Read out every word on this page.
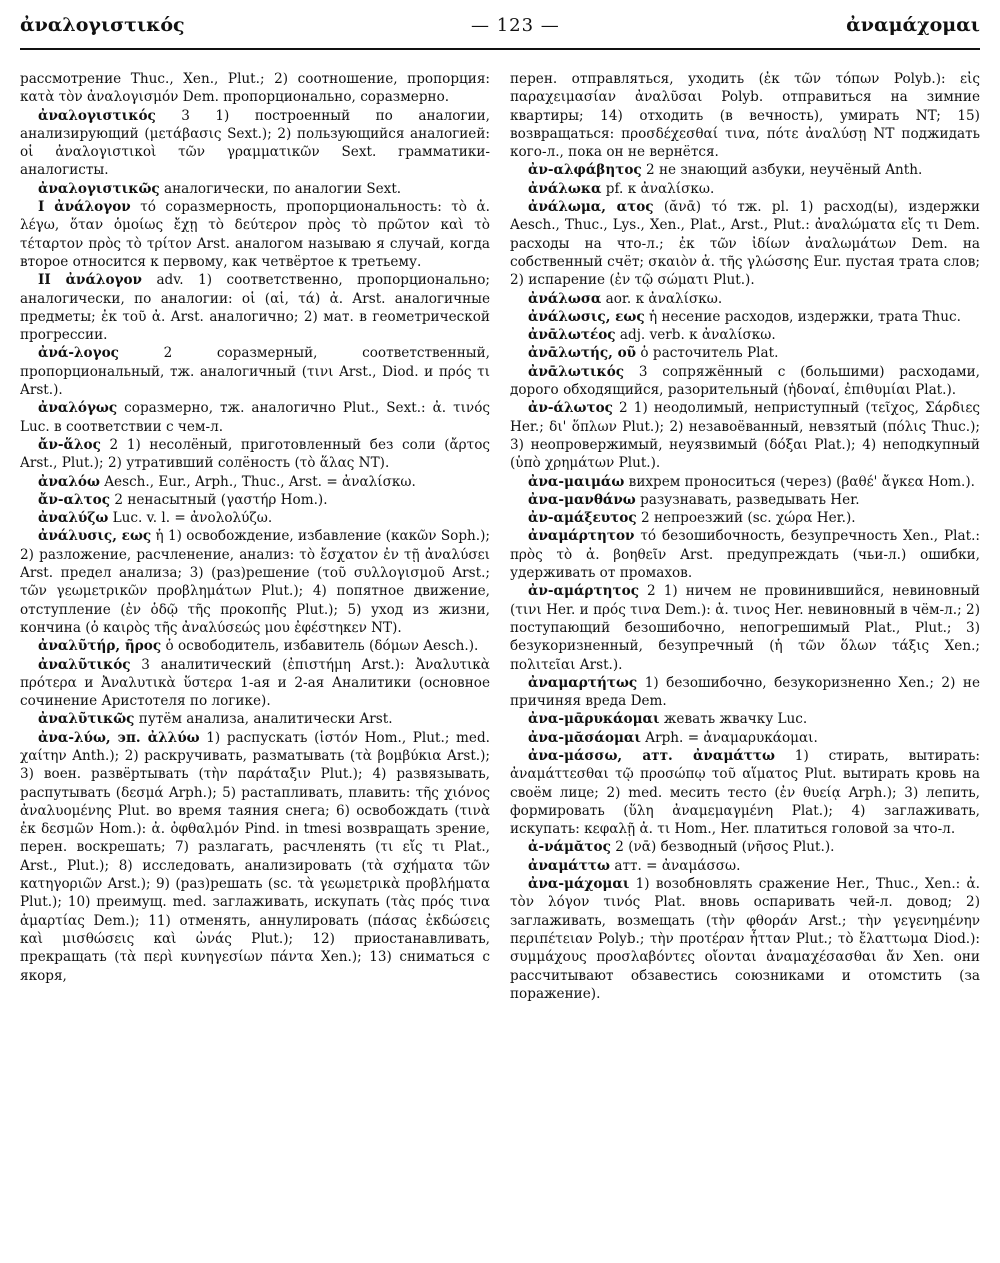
ἀναλογιστικός	— 123 —	ἀναμάχομαι

рассмотрение Thuc., Xen., Plut.; 2) соотношение, пропорция: κατὰ τὸν ἀναλογισμόν Dem. пропорционально, соразмерно.

ἀναλογιστικός 3 1) построенный по аналогии, анализирующий (μετάβασις Sext.); 2) пользующийся аналогией: οἱ ἀναλογιστικοὶ τῶν γραμματικῶν Sext. грамматики-аналогисты.

ἀναλογιστικῶς аналогически, по аналогии Sext.

I ἀνάλογον τό соразмерность, пропорциональность: τὸ ἀ. λέγω, ὅταν ὁμοίως ἔχῃ τὸ δεύτερον πρὸς τὸ πρῶτον καὶ τὸ τέταρτον πρὸς τὸ τρίτον Arst. аналогом называю я случай, когда второе относится к первому, как четвёртое к третьему.

II ἀνάλογον adv. 1) соответственно, пропорционально; аналогически, по аналогии: οἱ (αἱ, τά) ἀ. Arst. аналогичные предметы; ἐκ τοῦ ἀ. Arst. аналогично; 2) мат. в геометрической прогрессии.

ἀνά-λογος 2 соразмерный, соответственный, пропорциональный, тж. аналогичный (τινι Arst., Diod. и πρός τι Arst.).

ἀναλόγως соразмерно, тж. аналогично Plut., Sext.: ἀ. τινός Luc. в соответствии с чем-л.

ἄν-ἅλος 2 1) несолёный, приготовленный без соли (ἄρτος Arst., Plut.); 2) утративший солёность (τὸ ἅλας NT).

ἀναλόω Aesch., Eur., Arph., Thuc., Arst. = ἀναλίσκω.

ἄν-αλτος 2 ненасытный (γαστήρ Hom.).

ἀναλύζω Luc. v. l. = ἀνολολύζω.

ἀνάλυσις, εως ἡ 1) освобождение, избавление (κακῶν Soph.); 2) разложение, расчленение, анализ: τὸ ἔσχατον ἐν τῇ ἀναλύσει Arst. предел анализа; 3) (раз)решение (τοῦ συλλογισμοῦ Arst.; τῶν γεωμετρικῶν προβλημάτων Plut.); 4) попятное движение, отступление (ἐν ὁδῷ τῆς προκοπῆς Plut.); 5) уход из жизни, кончина (ὁ καιρὸς τῆς ἀναλύσεώς μου ἐφέστηκεν NT).

ἀναλῦτήρ, ῆρος ὁ освободитель, избавитель (δόμων Aesch.).

ἀναλῦτικός 3 аналитический (ἐπιστήμη Arst.): Ἀναλυτικὰ πρότερα и Ἀναλυτικὰ ὕστερα 1-ая и 2-ая Аналитики (основное сочинение Аристотеля по логике).

ἀναλῦτικῶς путём анализа, аналитически Arst.

ἀνα-λύω, эп. ἀλλύω 1) распускать (ἱστόν Hom., Plut.; med. χαίτην Anth.); 2) раскручивать, разматывать (τὰ βομβύκια Arst.); 3) воен. развёртывать (τὴν παράταξιν Plut.); 4) развязывать, распутывать (δεσμά Arph.); 5) растапливать, плавить: τῆς χιόνος ἀναλυομένης Plut. во время таяния снега; 6) освобождать (τινὰ ἐκ δεσμῶν Hom.): ἀ. ὀφθαλμόν Pind. in tmesi возвращать зрение, перен. воскрешать; 7) разлагать, расчленять (τι εἴς τι Plat., Arst., Plut.); 8) исследовать, анализировать (τὰ σχήματα τῶν κατηγοριῶν Arst.); 9) (раз)решать (sc. τὰ γεωμετρικὰ προβλήματα Plut.); 10) преимущ. med. заглаживать, искупать (τὰς πρός τινα ἁμαρτίας Dem.); 11) отменять, аннулировать (πάσας ἐκδώσεις καὶ μισθώσεις καὶ ὠνάς Plut.); 12) приостанавливать, прекращать (τὰ περὶ κυνηγεσίων πάντα Xen.); 13) сниматься с якоря,

перен. отправляться, уходить (ἐκ τῶν τόπων Polyb.): εἰς παραχειμασίαν ἀναλῦσαι Polyb. отправиться на зимние квартиры; 14) отходить (в вечность), умирать NT; 15) возвращаться: προσδέχεσθαί τινα, πότε ἀναλύσῃ NT поджидать кого-л., пока он не вернётся.

ἀν-αλφάβητος 2 не знающий азбуки, неучёный Anth.

ἀνάλωκα pf. к ἀναλίσκω.

ἀνάλωμα, ατος (ᾰνᾱ) τό тж. pl. 1) расход(ы), издержки Aesch., Thuc., Lys., Xen., Plat., Arst., Plut.: ἀναλώματα εἴς τι Dem. расходы на что-л.; ἐκ τῶν ἰδίων ἀναλωμάτων Dem. на собственный счёт; σκαιὸν ἀ. τῆς γλώσσης Eur. пустая трата слов; 2) испарение (ἐν τῷ σώματι Plut.).

ἀνάλωσα aor. к ἀναλίσκω.

ἀνάλωσις, εως ἡ несение расходов, издержки, трата Thuc.

ἀνᾱλωτέος adj. verb. к ἀναλίσκω.

ἀνᾱλωτής, οῦ ὁ расточитель Plat.

ἀνᾱλωτικός 3 сопряжённый с (большими) расходами, дорого обходящийся, разорительный (ἡδοναί, ἐπιθυμίαι Plat.).

ἀν-άλωτος 2 1) неодолимый, неприступный (τεῖχος, Σάρδιες Her.; δι' ὅπλων Plut.); 2) незавоёванный, невзятый (πόλις Thuc.); 3) неопровержимый, неуязвимый (δόξαι Plat.); 4) неподкупный (ὑπὸ χρημάτων Plut.).

ἀνα-μαιμάω вихрем проноситься (через) (βαθέ' ἄγκεα Hom.).

ἀνα-μανθάνω разузнавать, разведывать Her.

ἀν-αμάξευτος 2 непроезжий (sc. χώρα Her.).

ἀναμάρτητον τό безошибочность, безупречность Xen., Plat.: πρὸς τὸ ἀ. βοηθεῖν Arst. предупреждать (чьи-л.) ошибки, удерживать от промахов.

ἀν-αμάρτητος 2 1) ничем не провинившийся, невиновный (τινι Her. и πρός τινα Dem.): ἀ. τινος Her. невиновный в чём-л.; 2) поступающий безошибочно, непогрешимый Plat., Plut.; 3) безукоризненный, безупречный (ἡ τῶν ὅλων τάξις Xen.; πολιτεῖαι Arst.).

ἀναμαρτήτως 1) безошибочно, безукоризненно Xen.; 2) не причиняя вреда Dem.

ἀνα-μᾱρυκάομαι жевать жвачку Luc.

ἀνα-μᾰσάομαι Arph. = ἀναμαρυκάομαι.

ἀνα-μάσσω, атт. ἀναμάττω 1) стирать, вытирать: ἀναμάττεσθαι τῷ προσώπῳ τοῦ αἵματος Plut. вытирать кровь на своём лице; 2) med. месить тесто (ἐν θυείᾳ Arph.); 3) лепить, формировать (ὕλη ἀναμεμαγμένη Plat.); 4) заглаживать, искупать: κεφαλῇ ἀ. τι Hom., Her. платиться головой за что-л.

ἀ-νάμᾰτος 2 (νᾱ) безводный (νῆσος Plut.).

ἀναμάττω атт. = ἀναμάσσω.

ἀνα-μάχομαι 1) возобновлять сражение Her., Thuc., Xen.: ἀ. τὸν λόγον τινός Plat. вновь оспаривать чей-л. довод; 2) заглаживать, возмещать (τὴν φθοράν Arst.; τὴν γεγενημένην περιπέτειαν Polyb.; τὴν προτέραν ἧτταν Plut.; τὸ ἔλαττωμα Diod.): συμμάχους προσλαβόντες οἴονται ἀναμαχέσασθαι ἄν Xen. они рассчитывают обзавестись союзниками и отомстить (за поражение).
